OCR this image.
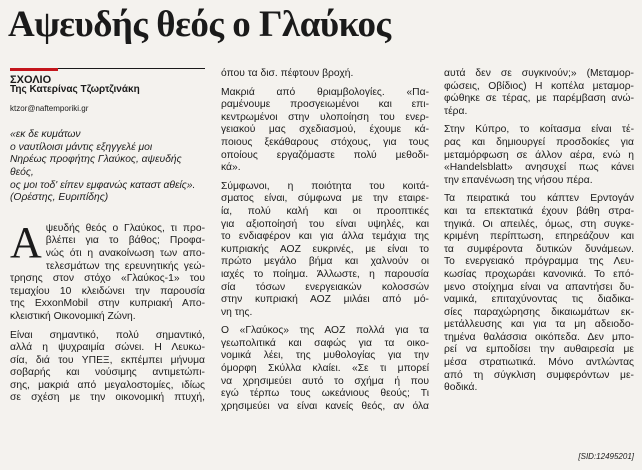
Αψευδής θεός ο Γλαύκος
ΣΧΟΛΙΟ
Της Κατερίνας Τζωρτζινάκη
ktzor@naftemporiki.gr
«εκ δε κυμάτων
ο ναυτίλοισι μάντις εξηγγελέ μοι
Νηρέως προφήτης Γλαύκος, αψευδής
θεός,
ος μοι τοδ' είπεν εμφανώς καταστ αθείς».
(Ορέστης, Ευριπίδης)
Α ψευδής θεός ο Γλαύκος, τι προ-
βλέπει για το βάθος; Προφα-
νώς ότι η ανακοίνωση των απο-
τελεσμάτων της ερευνητικής γεώ-
τρησης στον στόχο «Γλαύκος-1» του
τεμαχίου 10 κλειδώνει την παρουσία
της ExxonMobil στην κυπριακή Απο-
κλειστική Οικονομική Ζώνη.
Είναι σημαντικό, πολύ σημαντικό,
αλλά η ψυχραιμία σώνει. Η Λευκω-
σία, διά του ΥΠΕΞ, εκπέμπει μήνυμα
σοβαρής και νούσιμης αντιμετώπι-
σης, μακριά από μεγαλοστομίες, ιδίως
σε σχέση με την οικονομική πτυχή,
όπου τα δισ. πέφτουν βροχή.
Μακριά από θριαμβολογίες. «Πα-
ραμένουμε προσγειωμένοι και επι-
κεντρωμένοι στην υλοποίηση του ενερ-
γειακού μας σχεδιασμού, έχουμε κά-
ποιους ξεκάθαρους στόχους, για τους
οποίους εργαζόμαστε πολύ μεθοδι-
κά».
Σύμφωνοι, η ποιότητα του κοιτά-
σματος είναι, σύμφωνα με την εταιρε-
ία, πολύ καλή και οι προοπτικές
για αξιοποίησή του είναι υψηλές, και
το ενδιαφέρον και για άλλα τεμάχια της
κυπριακής ΑΟΖ ευκρινές, με είναι το
πρώτο μεγάλο βήμα και χαλνούν οι
ιαχές το ποίημα. Άλλωστε, η παρουσία
σία τόσων ενεργειακών κολοσσών
στην κυπριακή ΑΟΖ μιλάει από μό-
νη της.
Ο «Γλαύκος» της ΑΟΖ πολλά για τα
γεωπολιτικά και σαφώς για τα οικο-
νομικά λέει, της μυθολογίας για την
όμορφη Σκύλλα κλαίει. «Σε τι μπορεί
να χρησιμεύει αυτό το σχήμα ή που
εγώ τέρπω τους ωκεάνιους θεούς; Τι
χρησιμεύει να είναι κανείς θεός, αν όλα
αυτά δεν σε συγκινούν;» (Μεταμορ-
φώσεις, Οβίδιος) Η κοπέλα μεταμορ-
φώθηκε σε τέρας, με παρέμβαση ανώ-
τέρα.
Στην Κύπρο, το κοίτασμα είναι τέ-
ρας και δημιουργεί προσδοκίες για
μεταμόρφωση σε άλλον αέρα, ενώ η
«Handelsblatt» ανησυχεί πως κάνει
την επανένωση της νήσου πέρα.
Τα πειρατικά του κάπτεν Ερντογάν
και τα επεκτατικά έχουν βάθη στρα-
τηγικά. Οι απειλές, όμως, στη συγκε-
κριμένη περίπτωση, επηρεάζουν και
τα συμφέροντα δυτικών δυνάμεων.
Το ενεργειακό πρόγραμμα της Λευ-
κωσίας προχωράει κανονικά. Το επό-
μενο στοίχημα είναι να απαντήσει δυ-
ναμικά, επιταχύνοντας τις διαδικα-
σίες παραχώρησης δικαιωμάτων εκ-
μετάλλευσης και για τα μη αδειοδο-
τημένα θαλάσσια οικόπεδα. Δεν μπο-
ρεί να εμποδίσει την αυθαιρεσία με
μέσα στρατιωτικά. Μόνο αντλώντας
από τη σύγκλιση συμφερόντων με-
θοδικά.
[SID:12495201]
